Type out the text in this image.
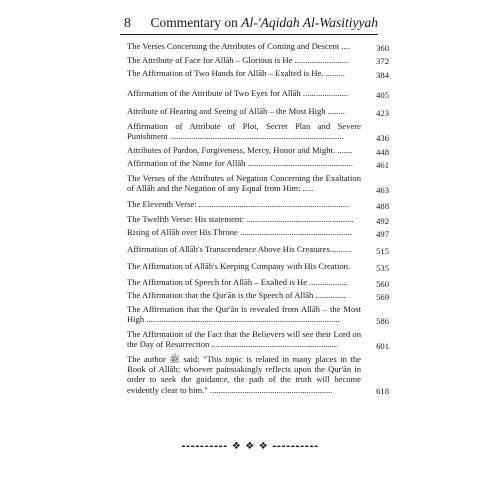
8 Commentary on Al-'Aqidah Al-Wasitiyyah
The Verses Concerning the Attributes of Coming and Descent ....	360
The Attribute of Face for Allāh – Glorious is He .........................	372
The Affirmation of Two Hands for Allāh – Exalted is He. .........	384
Affirmation of the Attribute of Two Eyes for Allāh .....................	405
Attribute of Hearing and Seeing of Allāh – the Most High ........	423
Affirmation of Attribute of Plot, Secret Plan and Severe Punishment .................................................................................	436
Attributes of Pardon, Forgiveness, Mercy, Honor and Might. .......	448
Affirmation of the Name for Allāh .................................................	461
The Verses of the Attributes of Negation Concerning the Exaltation of Allāh and the Negation of any Equal from Him: .....	463
The Eleventh Verse: ......................................................................	488
The Twelfth Verse: His statement: ..................................................	492
Rising of Allāh over His Throne ....................................................	497
Affirmation of Allāh's Transcendence Above His Creatures..........	515
The Affirmation of Allāh's Keeping Company with His Creation.	535
The Affirmation of Speech for Allāh – Exalted is He ..................	560
The Affirmation that the Qur'ān is the Speech of Allāh ..............	569
The Affirmation that the Qur'ān is revealed from Allāh – the Most High ..........................................................................................	586
The Affirmation of the Fact that the Believers will see their Lord on the Day of Resurrection ...........................................................	601
The author ﷺ said: "This topic is related in many places in the Book of Allāh; whoever painstakingly reflects upon the Qur'ān in order to seek the guidance, the path of the truth will become evidently clear to him." .........................................................	618
---------- ❖ ❖ ❖ ----------
